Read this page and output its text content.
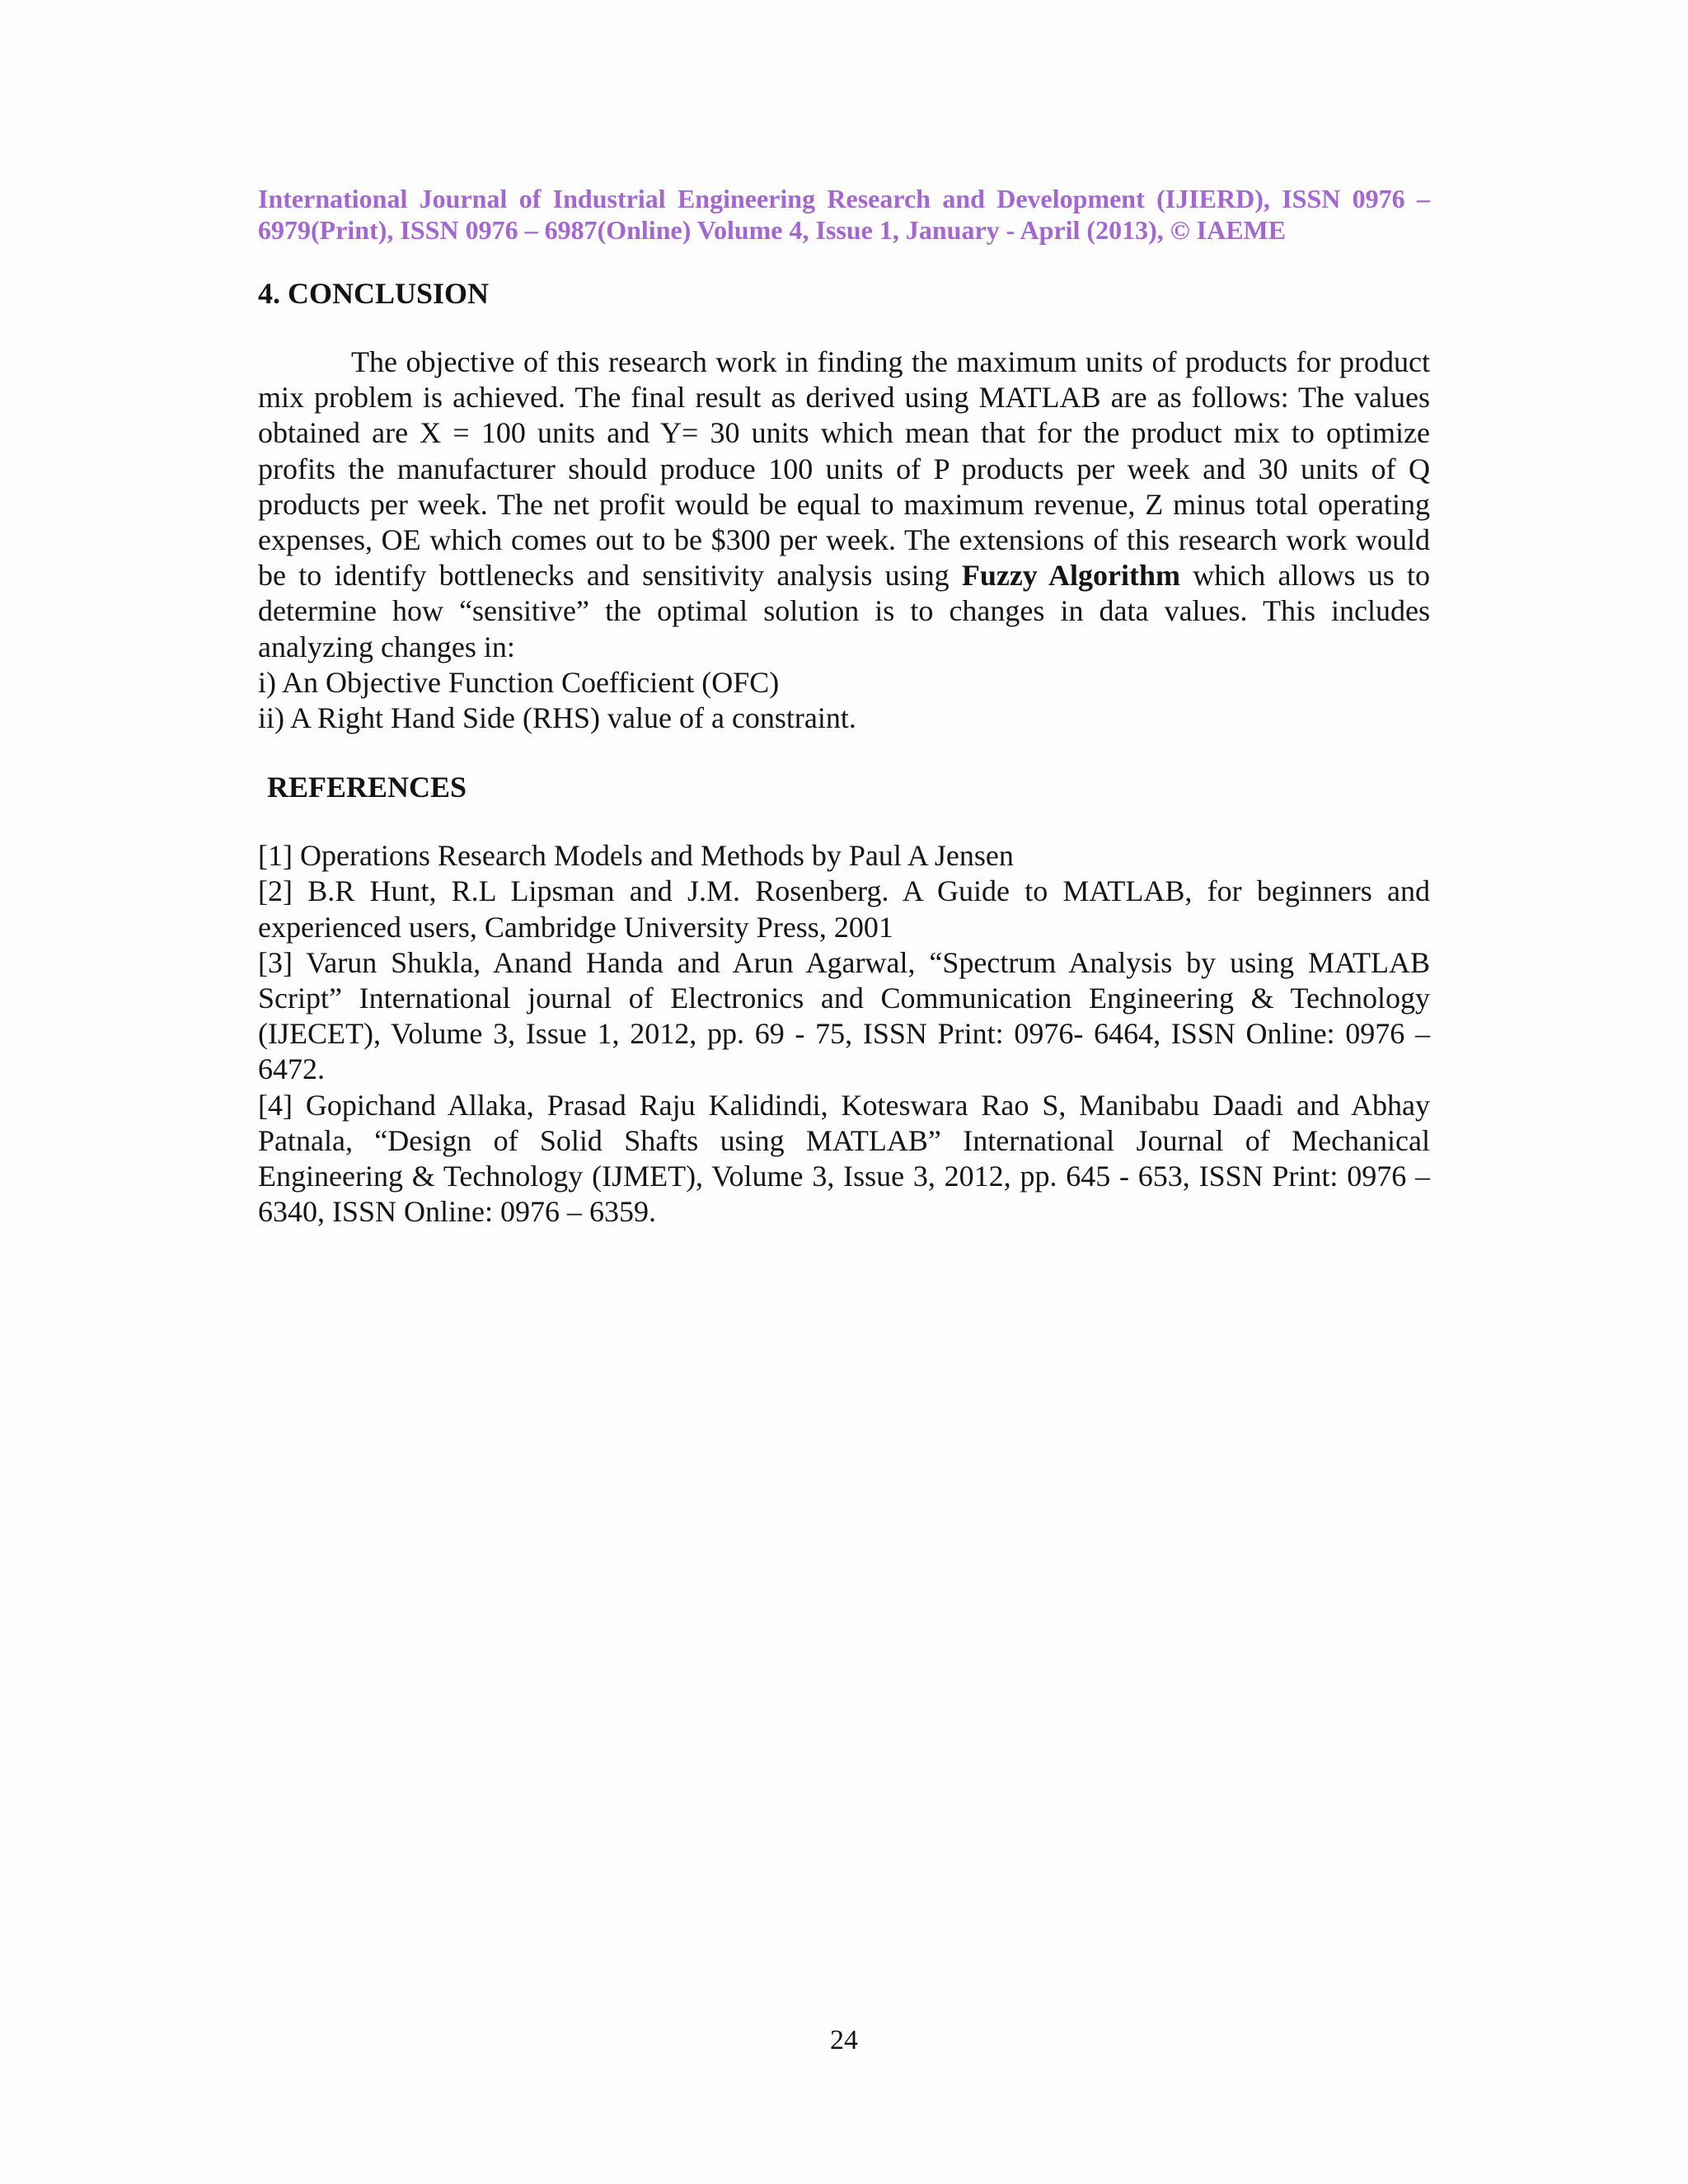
International Journal of Industrial Engineering Research and Development (IJIERD), ISSN 0976 – 6979(Print), ISSN 0976 – 6987(Online) Volume 4, Issue 1, January - April (2013), © IAEME
4. CONCLUSION

The objective of this research work in finding the maximum units of products for product mix problem is achieved. The final result as derived using MATLAB are as follows: The values obtained are X = 100 units and Y= 30 units which mean that for the product mix to optimize profits the manufacturer should produce 100 units of P products per week and 30 units of Q products per week. The net profit would be equal to maximum revenue, Z minus total operating expenses, OE which comes out to be $300 per week. The extensions of this research work would be to identify bottlenecks and sensitivity analysis using Fuzzy Algorithm which allows us to determine how “sensitive” the optimal solution is to changes in data values. This includes analyzing changes in:

i) An Objective Function Coefficient (OFC)

ii) A Right Hand Side (RHS) value of a constraint.

REFERENCES

[1] Operations Research Models and Methods by Paul A Jensen

[2] B.R Hunt, R.L Lipsman and J.M. Rosenberg. A Guide to MATLAB, for beginners and experienced users, Cambridge University Press, 2001

[3] Varun Shukla, Anand Handa and Arun Agarwal, “Spectrum Analysis by using MATLAB Script” International journal of Electronics and Communication Engineering & Technology (IJECET), Volume 3, Issue 1, 2012, pp. 69 - 75, ISSN Print: 0976- 6464, ISSN Online: 0976 –6472.

[4] Gopichand Allaka, Prasad Raju Kalidindi, Koteswara Rao S, Manibabu Daadi and Abhay Patnala, “Design of Solid Shafts using MATLAB” International Journal of Mechanical Engineering & Technology (IJMET), Volume 3, Issue 3, 2012, pp. 645 - 653, ISSN Print: 0976 – 6340, ISSN Online: 0976 – 6359.

24
